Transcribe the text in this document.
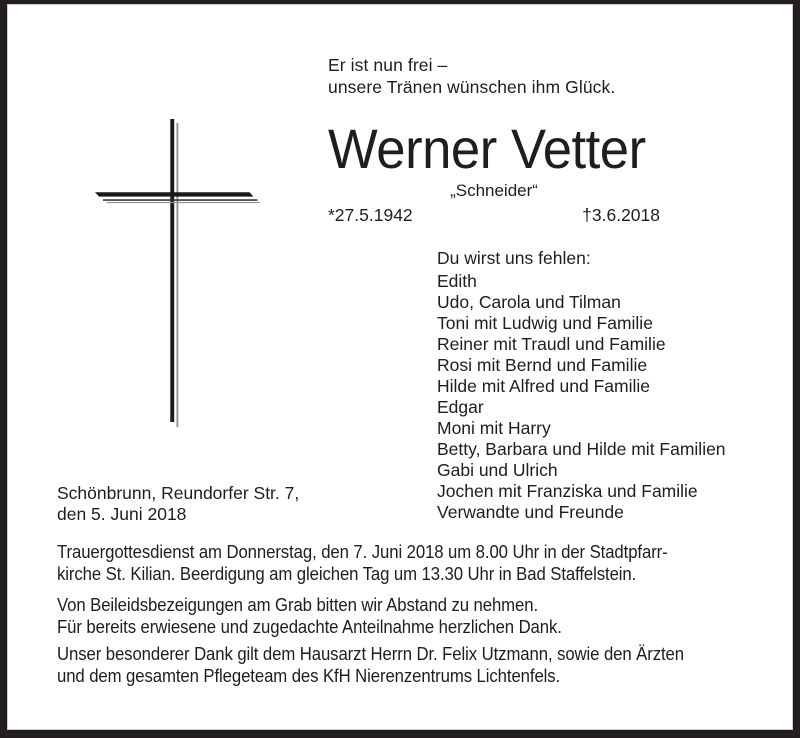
Er ist nun frei –
unsere Tränen wünschen ihm Glück.
Werner Vetter
„Schneider“
*27.5.1942	†3.6.2018
Du wirst uns fehlen:
Edith
Udo, Carola und Tilman
Toni mit Ludwig und Familie
Reiner mit Traudl und Familie
Rosi mit Bernd und Familie
Hilde mit Alfred und Familie
Edgar
Moni mit Harry
Betty, Barbara und Hilde mit Familien
Gabi und Ulrich
Jochen mit Franziska und Familie
Verwandte und Freunde
Schönbrunn, Reundorfer Str. 7,
den 5. Juni 2018
Trauergottesdienst am Donnerstag, den 7. Juni 2018 um 8.00 Uhr in der Stadtpfarr-
kirche St. Kilian. Beerdigung am gleichen Tag um 13.30 Uhr in Bad Staffelstein.
Von Beileidsbezeigungen am Grab bitten wir Abstand zu nehmen.
Für bereits erwiesene und zugedachte Anteilnahme herzlichen Dank.
Unser besonderer Dank gilt dem Hausarzt Herrn Dr. Felix Utzmann, sowie den Ärzten
und dem gesamten Pflegeteam des KfH Nierenzentrums Lichtenfels.
